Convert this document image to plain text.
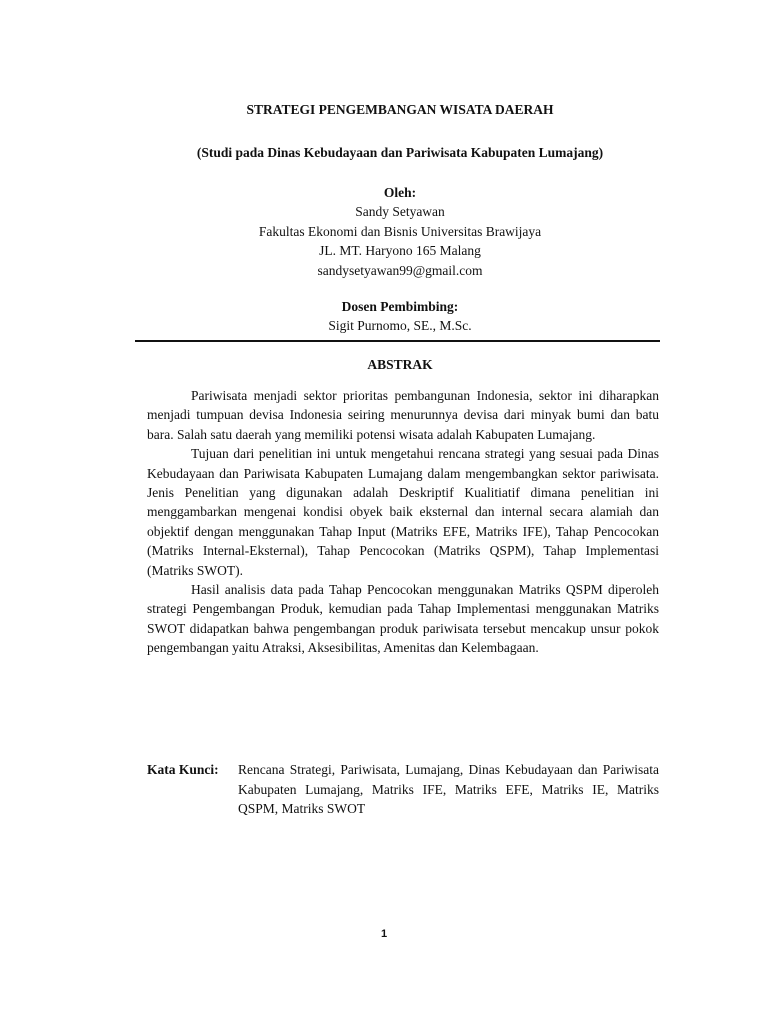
STRATEGI PENGEMBANGAN WISATA DAERAH
(Studi pada Dinas Kebudayaan dan Pariwisata Kabupaten Lumajang)
Oleh:
Sandy Setyawan
Fakultas Ekonomi dan Bisnis Universitas Brawijaya
JL. MT. Haryono 165 Malang
sandysetyawan99@gmail.com
Dosen Pembimbing:
Sigit Purnomo, SE., M.Sc.
ABSTRAK

Pariwisata menjadi sektor prioritas pembangunan Indonesia, sektor ini diharapkan menjadi tumpuan devisa Indonesia seiring menurunnya devisa dari minyak bumi dan batu bara. Salah satu daerah yang memiliki potensi wisata adalah Kabupaten Lumajang.

Tujuan dari penelitian ini untuk mengetahui rencana strategi yang sesuai pada Dinas Kebudayaan dan Pariwisata Kabupaten Lumajang dalam mengembangkan sektor pariwisata. Jenis Penelitian yang digunakan adalah Deskriptif Kualitiatif dimana penelitian ini menggambarkan mengenai kondisi obyek baik eksternal dan internal secara alamiah dan objektif dengan menggunakan Tahap Input (Matriks EFE, Matriks IFE), Tahap Pencocokan (Matriks Internal-Eksternal), Tahap Pencocokan (Matriks QSPM), Tahap Implementasi (Matriks SWOT).

Hasil analisis data pada Tahap Pencocokan menggunakan Matriks QSPM diperoleh strategi Pengembangan Produk, kemudian pada Tahap Implementasi menggunakan Matriks SWOT didapatkan bahwa pengembangan produk pariwisata tersebut mencakup unsur pokok pengembangan yaitu Atraksi, Aksesibilitas, Amenitas dan Kelembagaan.

Kata Kunci:	Rencana Strategi, Pariwisata, Lumajang, Dinas Kebudayaan dan Pariwisata Kabupaten Lumajang, Matriks IFE, Matriks EFE, Matriks IE, Matriks QSPM, Matriks SWOT
1
